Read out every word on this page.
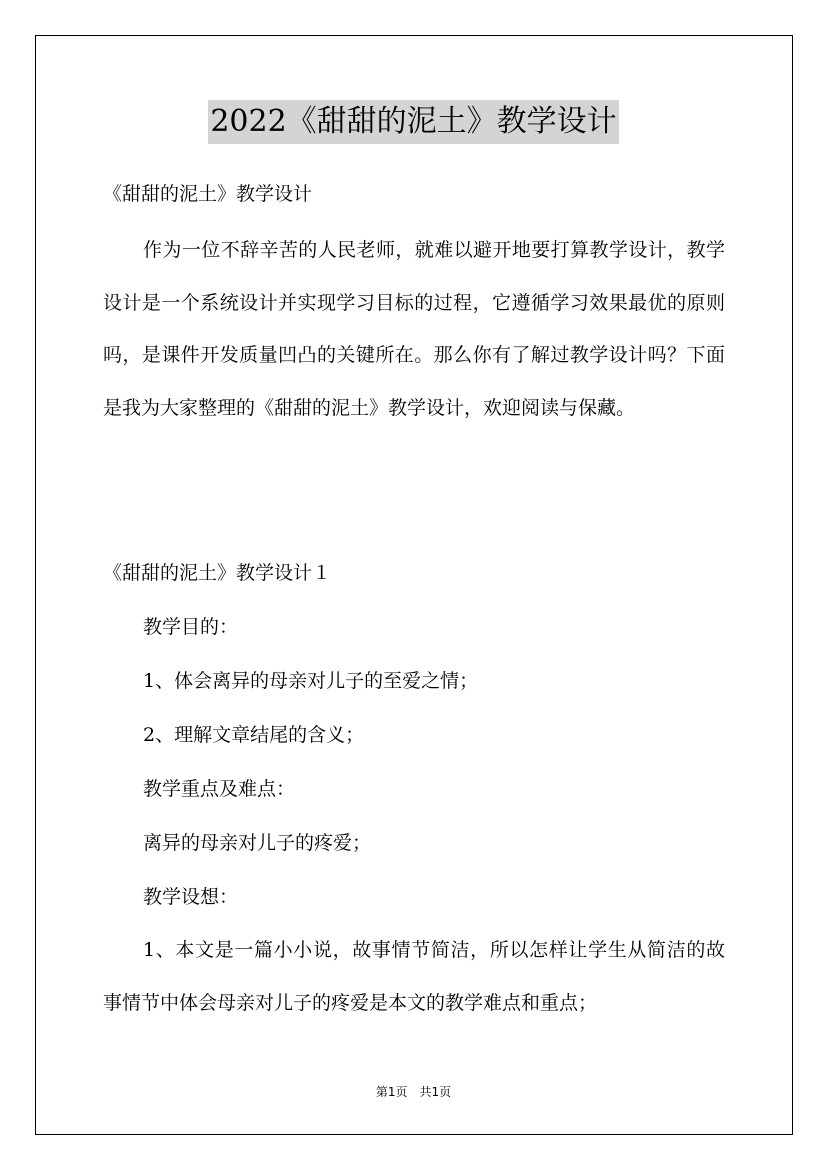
2022《甜甜的泥土》教学设计
《甜甜的泥土》教学设计
作为一位不辞辛苦的人民老师，就难以避开地要打算教学设计，教学设计是一个系统设计并实现学习目标的过程，它遵循学习效果最优的原则吗，是课件开发质量凹凸的关键所在。那么你有了解过教学设计吗？下面是我为大家整理的《甜甜的泥土》教学设计，欢迎阅读与保藏。
《甜甜的泥土》教学设计１
教学目的：
1、体会离异的母亲对儿子的至爱之情；
2、理解文章结尾的含义；
教学重点及难点：
离异的母亲对儿子的疼爱；
教学设想：
1、本文是一篇小小说，故事情节简洁，所以怎样让学生从简洁的故事情节中体会母亲对儿子的疼爱是本文的教学难点和重点；
第1页　共1页
